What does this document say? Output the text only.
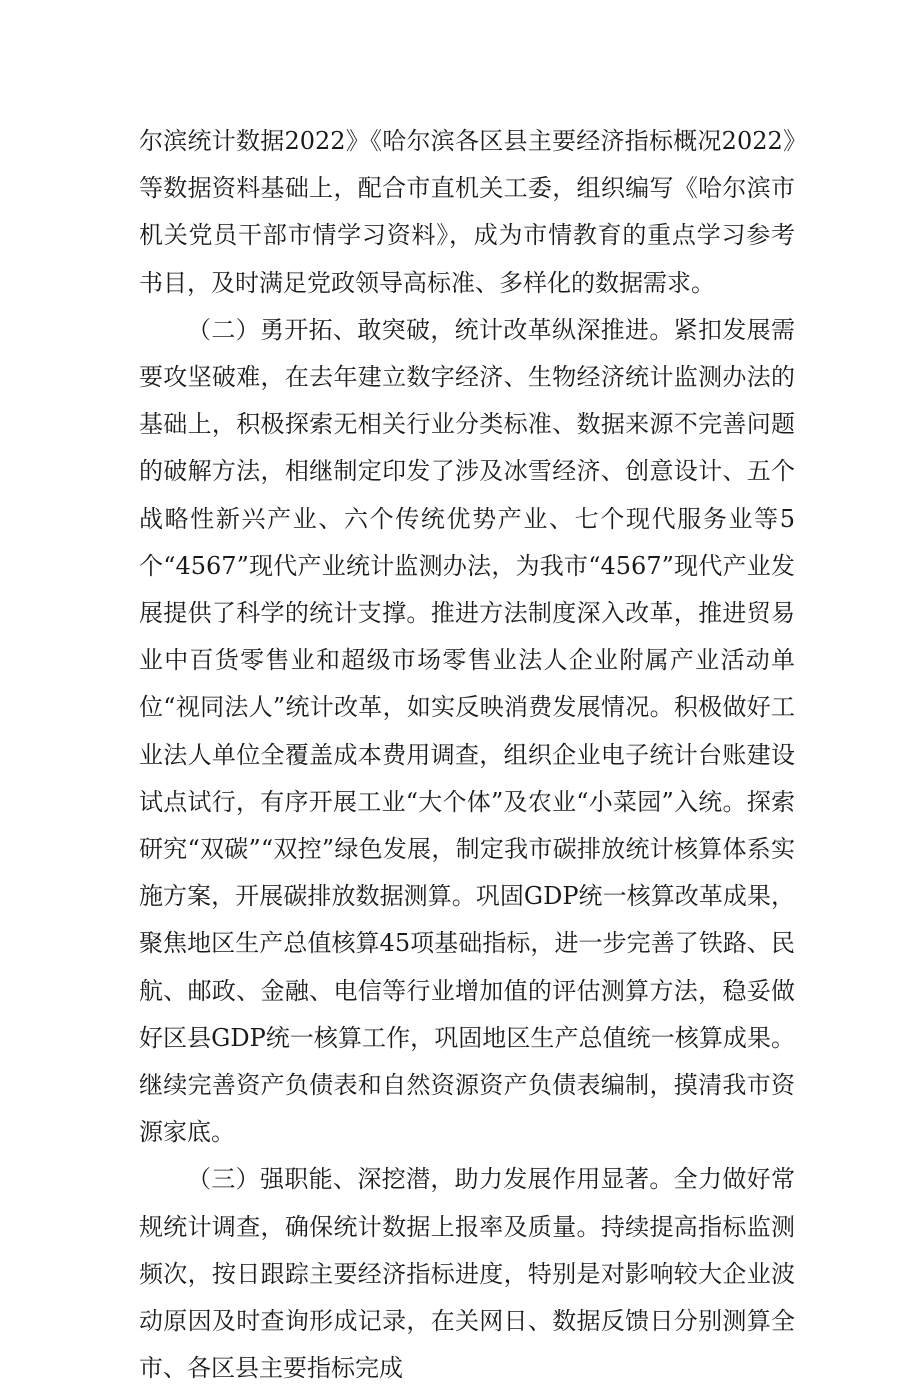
尔滨统计数据2022》《哈尔滨各区县主要经济指标概况2022》等数据资料基础上，配合市直机关工委，组织编写《哈尔滨市机关党员干部市情学习资料》，成为市情教育的重点学习参考书目，及时满足党政领导高标准、多样化的数据需求。

（二）勇开拓、敢突破，统计改革纵深推进。紧扣发展需要攻坚破难，在去年建立数字经济、生物经济统计监测办法的基础上，积极探索无相关行业分类标准、数据来源不完善问题的破解方法，相继制定印发了涉及冰雪经济、创意设计、五个战略性新兴产业、六个传统优势产业、七个现代服务业等5个“4567”现代产业统计监测办法，为我市“4567”现代产业发展提供了科学的统计支撑。推进方法制度深入改革，推进贸易业中百货零售业和超级市场零售业法人企业附属产业活动单位“视同法人”统计改革，如实反映消费发展情况。积极做好工业法人单位全覆盖成本费用调查，组织企业电子统计台账建设试点试行，有序开展工业“大个体”及农业“小菜园”入统。探索研究“双碳”“双控”绿色发展，制定我市碳排放统计核算体系实施方案，开展碳排放数据测算。巩固GDP统一核算改革成果，聚焦地区生产总值核算45项基础指标，进一步完善了铁路、民航、邮政、金融、电信等行业增加值的评估测算方法，稳妥做好区县GDP统一核算工作，巩固地区生产总值统一核算成果。继续完善资产负债表和自然资源资产负债表编制，摸清我市资源家底。

（三）强职能、深挖潜，助力发展作用显著。全力做好常规统计调查，确保统计数据上报率及质量。持续提高指标监测频次，按日跟踪主要经济指标进度，特别是对影响较大企业波动原因及时查询形成记录，在关网日、数据反馈日分别测算全市、各区县主要指标完成
